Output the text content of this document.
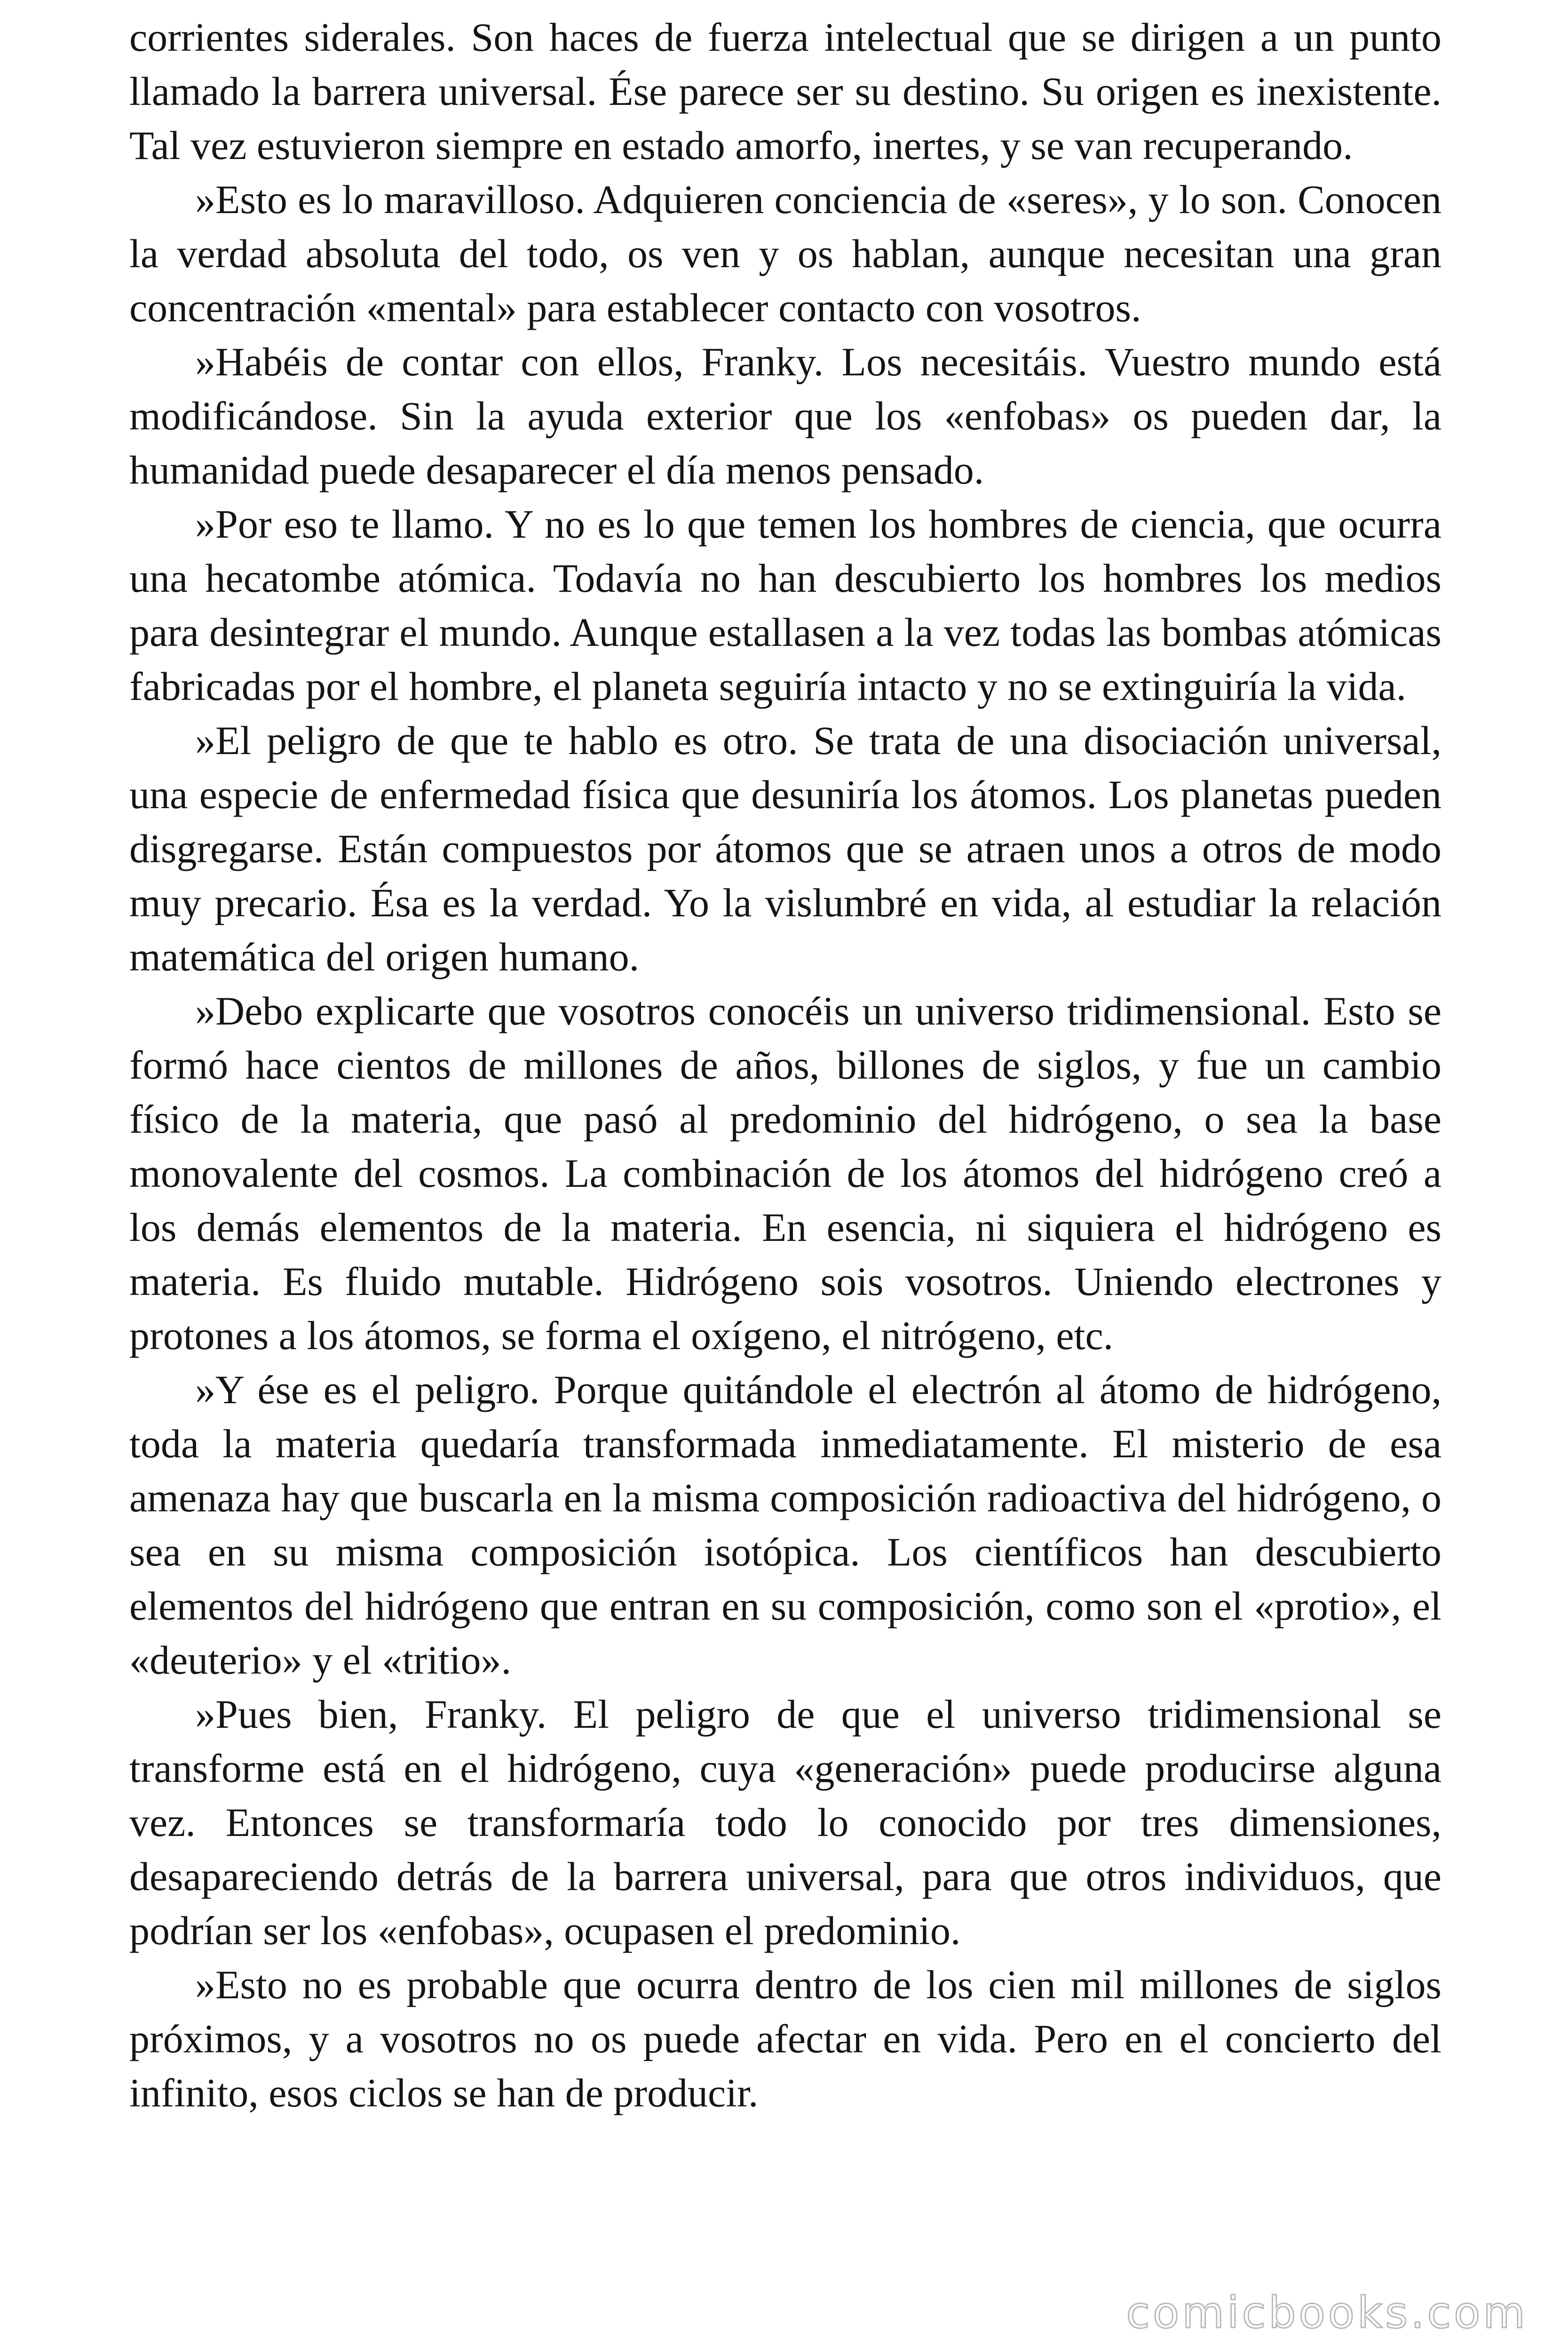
corrientes siderales. Son haces de fuerza intelectual que se dirigen a un punto llamado la barrera universal. Ése parece ser su destino. Su origen es inexistente. Tal vez estuvieron siempre en estado amorfo, inertes, y se van recuperando.

»Esto es lo maravilloso. Adquieren conciencia de «seres», y lo son. Conocen la verdad absoluta del todo, os ven y os hablan, aunque necesitan una gran concentración «mental» para establecer contacto con vosotros.

»Habéis de contar con ellos, Franky. Los necesitáis. Vuestro mundo está modificándose. Sin la ayuda exterior que los «enfobas» os pueden dar, la humanidad puede desaparecer el día menos pensado.

»Por eso te llamo. Y no es lo que temen los hombres de ciencia, que ocurra una hecatombe atómica. Todavía no han descubierto los hombres los medios para desintegrar el mundo. Aunque estallasen a la vez todas las bombas atómicas fabricadas por el hombre, el planeta seguiría intacto y no se extinguiría la vida.

»El peligro de que te hablo es otro. Se trata de una disociación universal, una especie de enfermedad física que desuniría los átomos. Los planetas pueden disgregarse. Están compuestos por átomos que se atraen unos a otros de modo muy precario. Ésa es la verdad. Yo la vislumbré en vida, al estudiar la relación matemática del origen humano.

»Debo explicarte que vosotros conocéis un universo tridimensional. Esto se formó hace cientos de millones de años, billones de siglos, y fue un cambio físico de la materia, que pasó al predominio del hidrógeno, o sea la base monovalente del cosmos. La combinación de los átomos del hidrógeno creó a los demás elementos de la materia. En esencia, ni siquiera el hidrógeno es materia. Es fluido mutable. Hidrógeno sois vosotros. Uniendo electrones y protones a los átomos, se forma el oxígeno, el nitrógeno, etc.

»Y ése es el peligro. Porque quitándole el electrón al átomo de hidrógeno, toda la materia quedaría transformada inmediatamente. El misterio de esa amenaza hay que buscarla en la misma composición radioactiva del hidrógeno, o sea en su misma composición isotópica. Los científicos han descubierto elementos del hidrógeno que entran en su composición, como son el «protio», el «deuterio» y el «tritio».

»Pues bien, Franky. El peligro de que el universo tridimensional se transforme está en el hidrógeno, cuya «generación» puede producirse alguna vez. Entonces se transformaría todo lo conocido por tres dimensiones, desapareciendo detrás de la barrera universal, para que otros individuos, que podrían ser los «enfobas», ocupasen el predominio.

»Esto no es probable que ocurra dentro de los cien mil millones de siglos próximos, y a vosotros no os puede afectar en vida. Pero en el concierto del infinito, esos ciclos se han de producir.

comicbooks.com
